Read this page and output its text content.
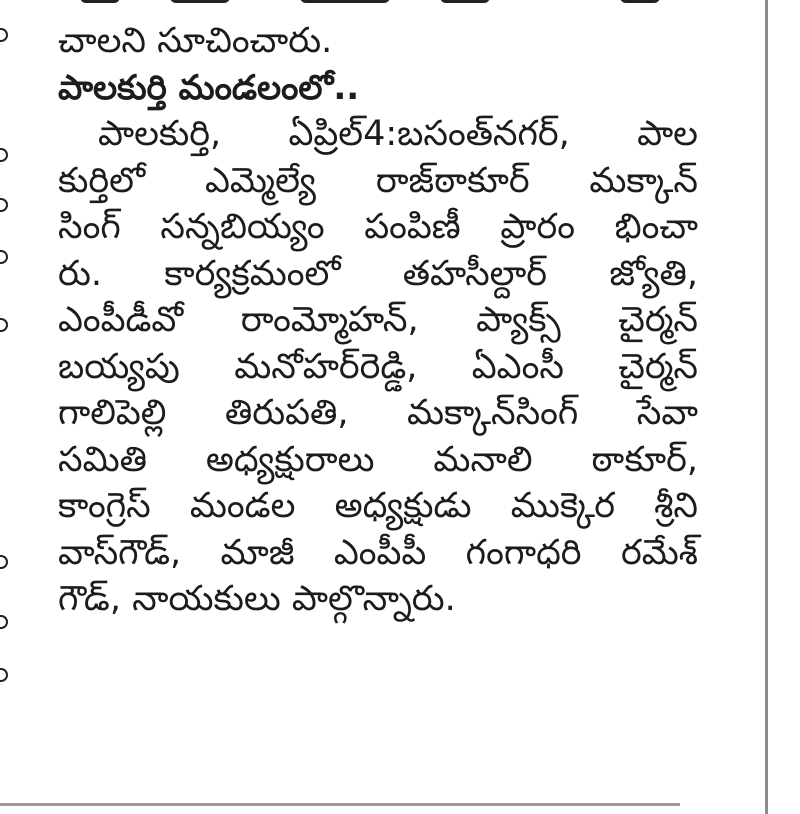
చాలని సూచించారు.

పాలకుర్తి మండలంలో..

పాలకుర్తి, ఏప్రిల్4:బసంత్‌నగర్, పాల
కుర్తిలో ఎమ్మెల్యే రాజ్‌ఠాకూర్ మక్కాన్
సింగ్ సన్నబియ్యం పంపిణీ ప్రారం భించా
రు. కార్యక్రమంలో తహసీల్దార్ జ్యోతి,
ఎంపీడీవో రాంమ్మోహన్, ప్యాక్స్ చైర్మన్
బయ్యపు మనోహర్‌రెడ్డి, ఏఎంసీ చైర్మన్
గాలిపెల్లి తిరుపతి, మక్కాన్‌సింగ్ సేవా
సమితి అధ్యక్షురాలు మనాలి ఠాకూర్,
కాంగ్రెస్ మండల అధ్యక్షుడు ముక్కెర శ్రీని
వాస్‌గౌడ్, మాజీ ఎంపీపీ గంగాధరి రమేశ్
గౌడ్, నాయకులు పాల్గొన్నారు.
